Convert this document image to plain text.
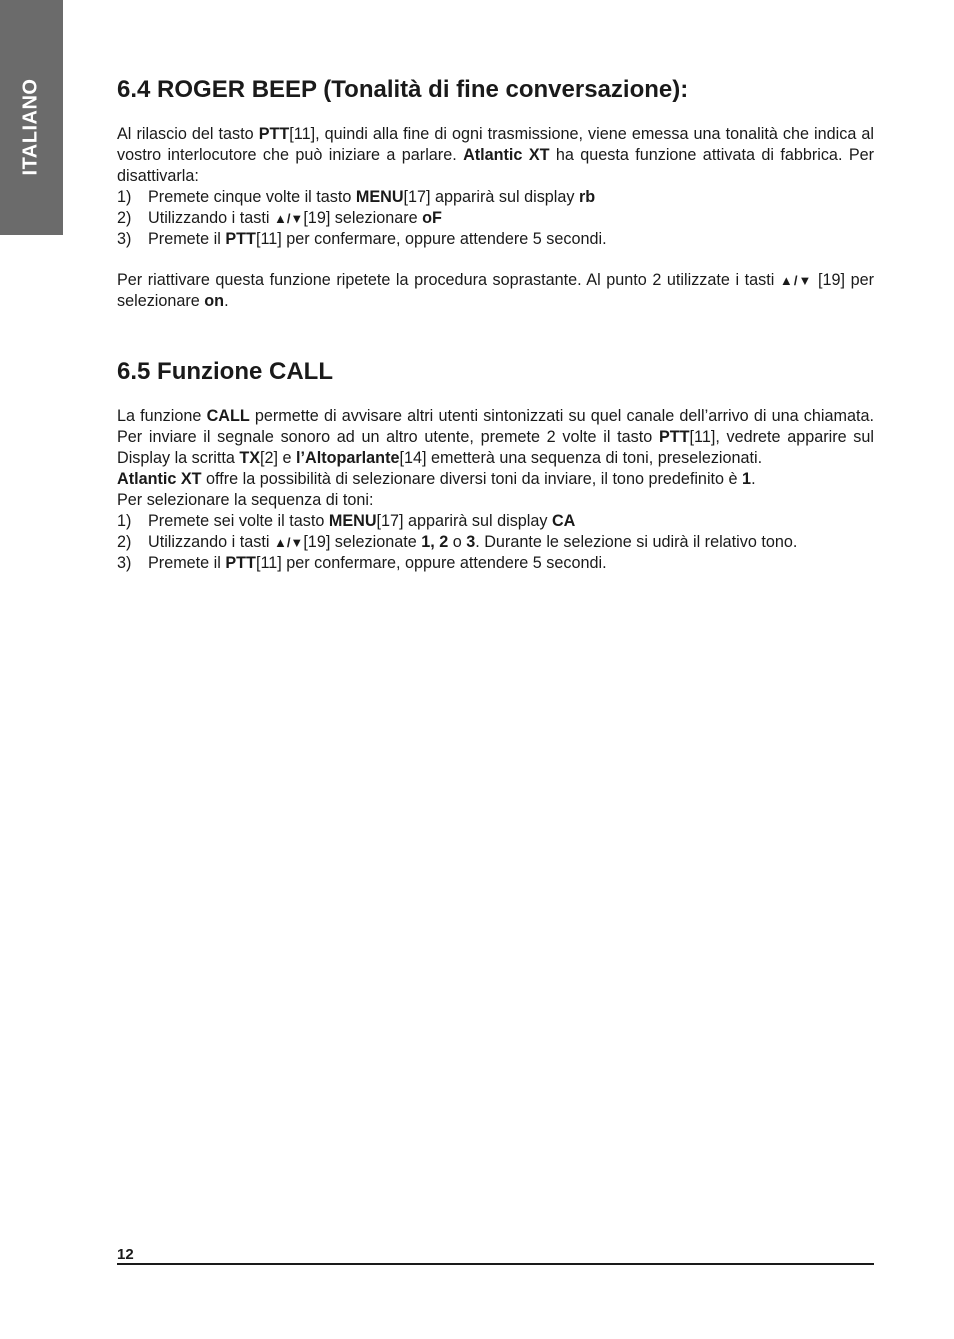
ITALIANO	6.4 ROGER BEEP (Tonalità di fine conversazione):

Al rilascio del tasto PTT[11], quindi alla fine di ogni trasmissione, viene emessa una tonalità che indica al vostro interlocutore che può iniziare a parlare. Atlantic XT ha questa funzione attivata di fabbrica. Per disattivarla:

1) Premete cinque volte il tasto MENU[17] apparirà sul display rb
2) Utilizzando i tasti ▲/▼[19] selezionare oF
3) Premete il PTT[11] per confermare, oppure attendere 5 secondi.

Per riattivare questa funzione ripetete la procedura soprastante. Al punto 2 utilizzate i tasti ▲/▼ [19] per selezionare on.

6.5 Funzione CALL

La funzione CALL permette di avvisare altri utenti sintonizzati su quel canale dell’arrivo di una chiamata. Per inviare il segnale sonoro ad un altro utente, premete 2 volte il tasto PTT[11], vedrete apparire sul Display la scritta TX[2] e l’Altoparlante[14] emetterà una sequenza di toni, preselezionati.

Atlantic XT offre la possibilità di selezionare diversi toni da inviare, il tono predefinito è 1.

Per selezionare la sequenza di toni:

1) Premete sei volte il tasto MENU[17] apparirà sul display CA
2) Utilizzando i tasti ▲/▼[19] selezionate 1, 2 o 3. Durante le selezione si udirà il relativo tono.
3) Premete il PTT[11] per confermare, oppure attendere 5 secondi.
12
